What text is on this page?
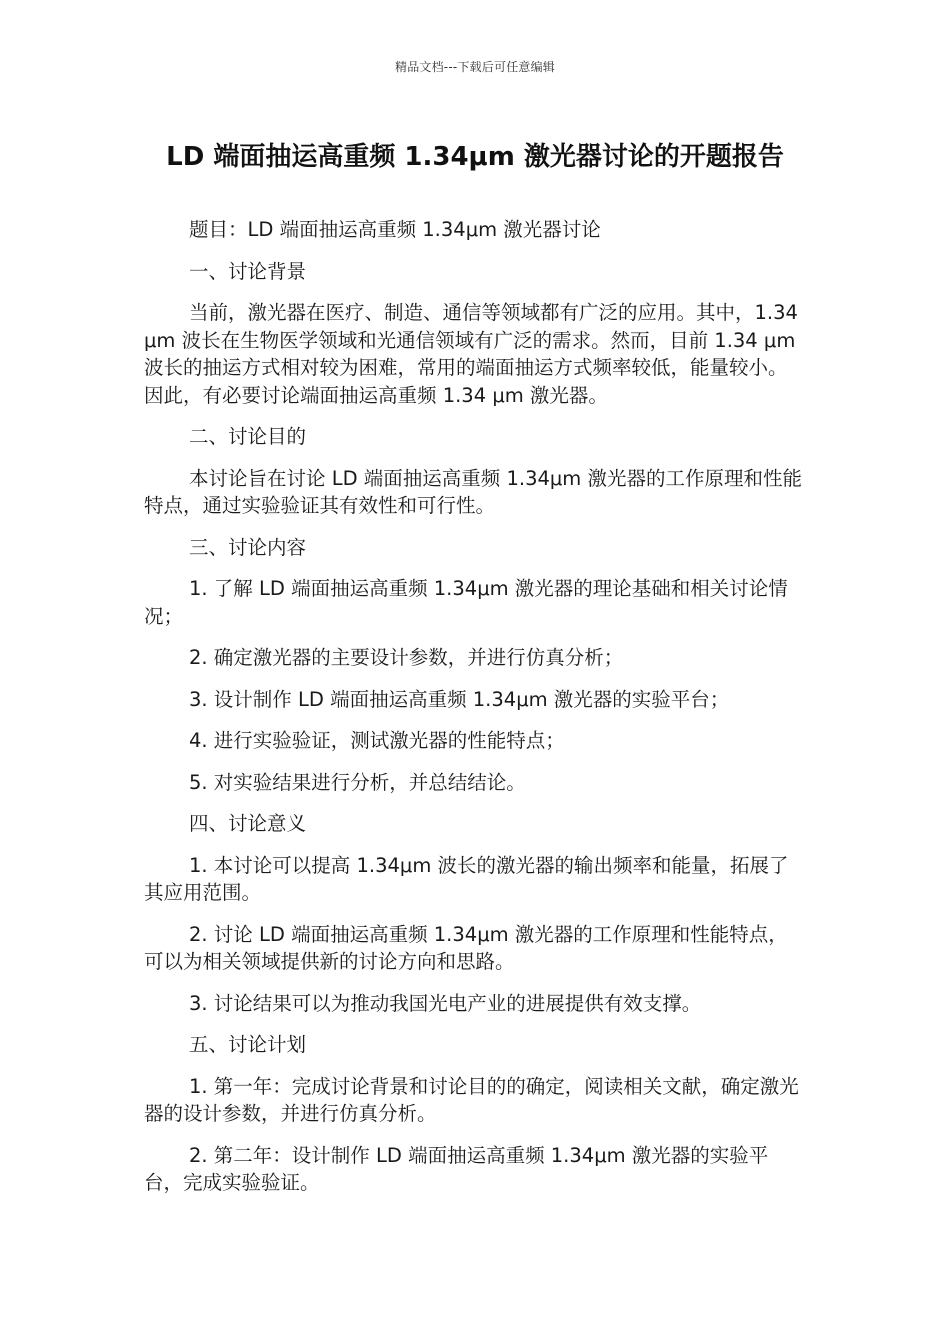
精品文档---下载后可任意编辑
LD 端面抽运高重频 1.34μm 激光器讨论的开题报告

题目：LD 端面抽运高重频 1.34μm 激光器讨论

一、讨论背景

当前，激光器在医疗、制造、通信等领域都有广泛的应用。其中，1.34 μm 波长在生物医学领域和光通信领域有广泛的需求。然而，目前 1.34 μm 波长的抽运方式相对较为困难，常用的端面抽运方式频率较低，能量较小。因此，有必要讨论端面抽运高重频 1.34 μm 激光器。

二、讨论目的

本讨论旨在讨论 LD 端面抽运高重频 1.34μm 激光器的工作原理和性能特点，通过实验验证其有效性和可行性。

三、讨论内容

1. 了解 LD 端面抽运高重频 1.34μm 激光器的理论基础和相关讨论情况；

2. 确定激光器的主要设计参数，并进行仿真分析；

3. 设计制作 LD 端面抽运高重频 1.34μm 激光器的实验平台；

4. 进行实验验证，测试激光器的性能特点；

5. 对实验结果进行分析，并总结结论。

四、讨论意义

1. 本讨论可以提高 1.34μm 波长的激光器的输出频率和能量，拓展了其应用范围。

2. 讨论 LD 端面抽运高重频 1.34μm 激光器的工作原理和性能特点，可以为相关领域提供新的讨论方向和思路。

3. 讨论结果可以为推动我国光电产业的进展提供有效支撑。

五、讨论计划

1. 第一年：完成讨论背景和讨论目的的确定，阅读相关文献，确定激光器的设计参数，并进行仿真分析。

2. 第二年：设计制作 LD 端面抽运高重频 1.34μm 激光器的实验平台，完成实验验证。
